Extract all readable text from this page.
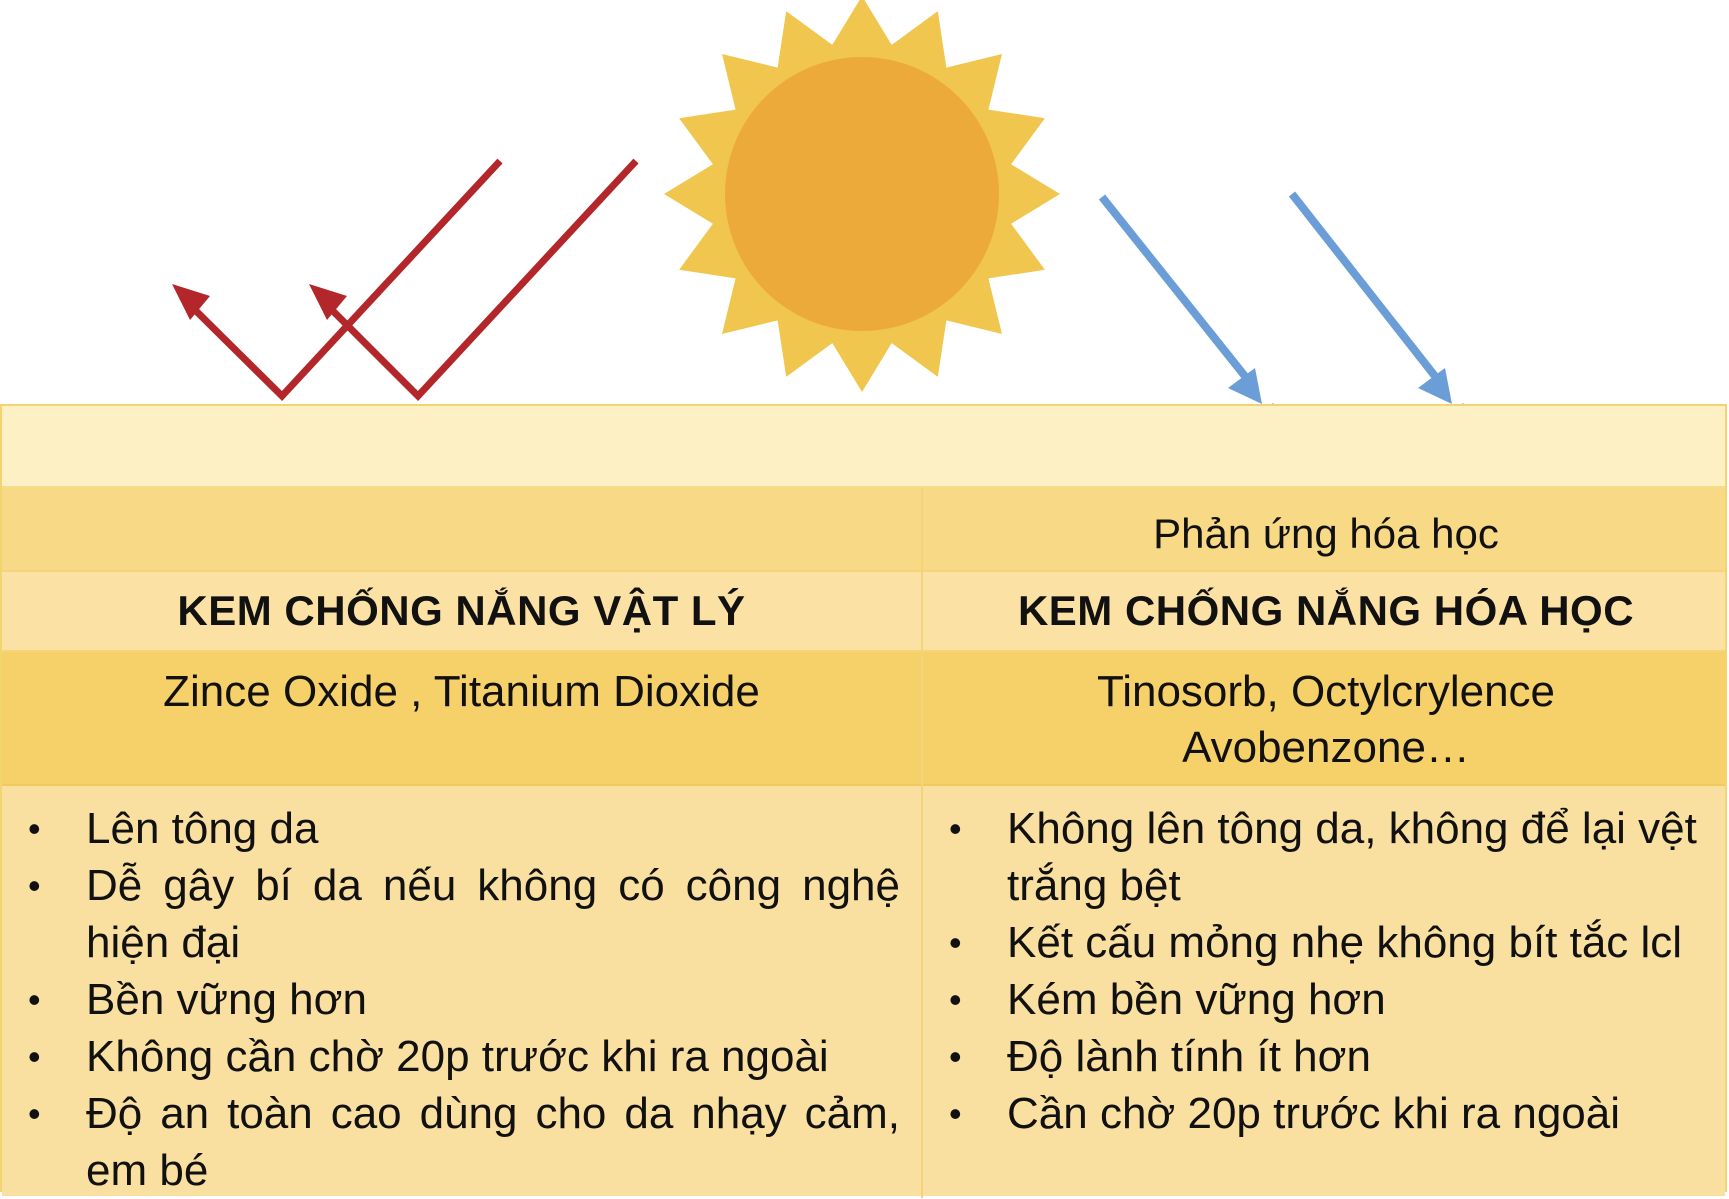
Phản ứng hóa học
KEM CHỐNG NẮNG VẬT LÝ	KEM CHỐNG NẮNG HÓA HỌC
Zince Oxide , Titanium Dioxide	Tinosorb, Octylcrylence
Avobenzone…
• Lên tông da
• Dễ gây bí da nếu không có công nghệ hiện đại
• Bền vững hơn
• Không cần chờ 20p trước khi ra ngoài
• Độ an toàn cao dùng cho da nhạy cảm, em bé
• Không lên tông da, không để lại vệt trắng bệt
• Kết cấu mỏng nhẹ không bít tắc lcl
• Kém bền vững hơn
• Độ lành tính ít hơn
• Cần chờ 20p trước khi ra ngoài
